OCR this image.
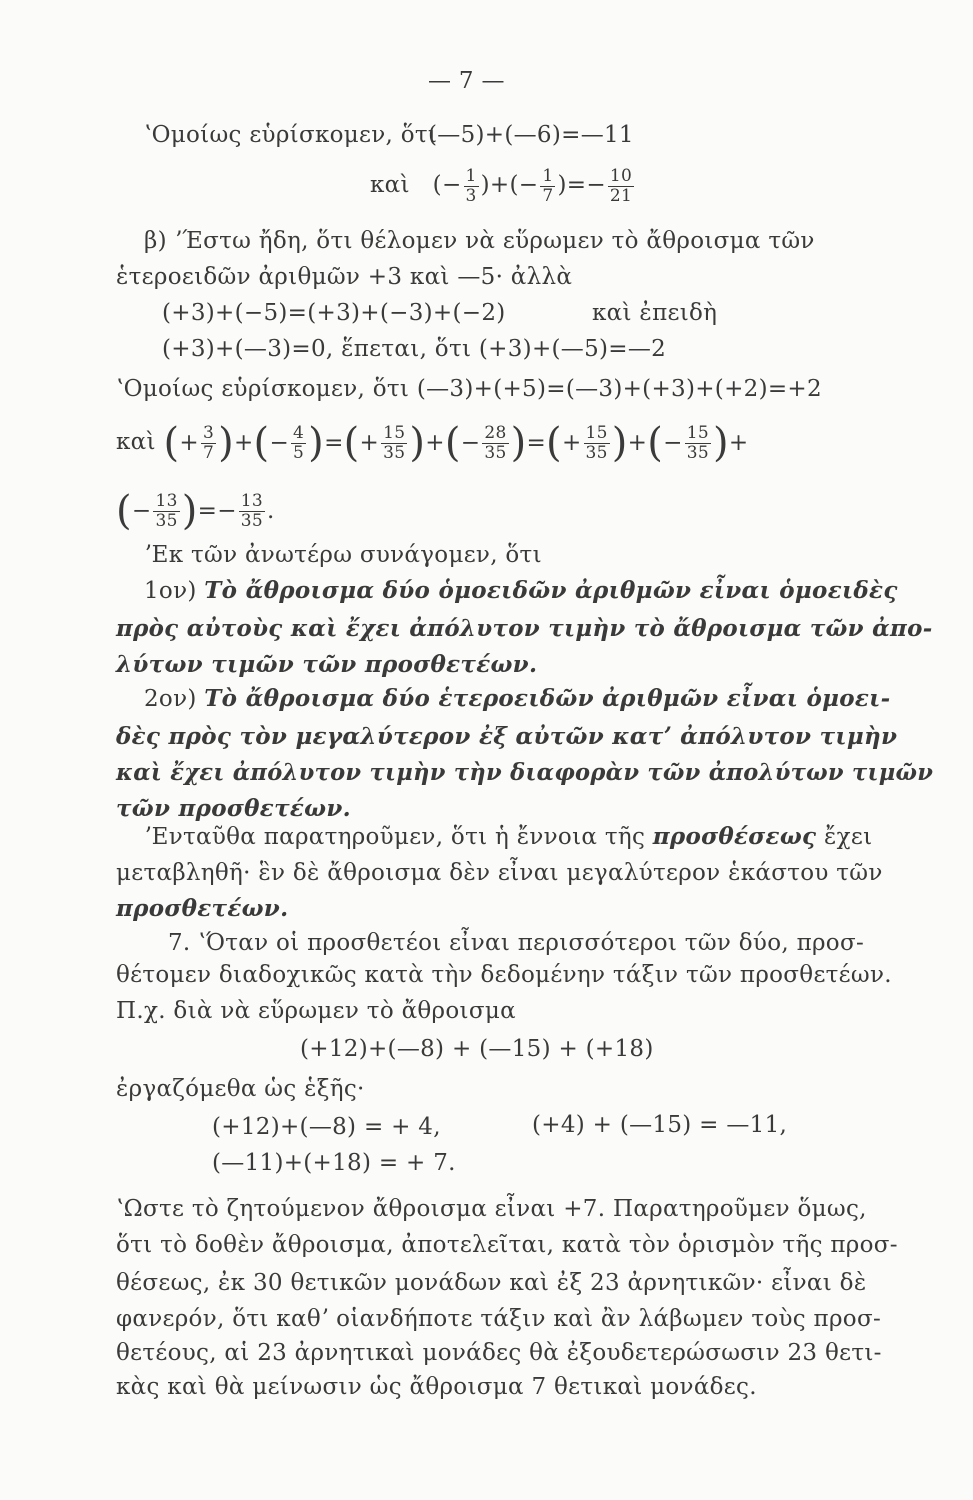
— 7 —
ʽΟμοίως εὑρίσκομεν, ὅτι
(—5)+(—6)=—11
καὶ (− $\frac{1}{3}$ )+(− $\frac{1}{7}$ )=− $\frac{10}{21}$
β) ʼΈστω ἤδη, ὅτι θέλομεν νὰ εὕρωμεν τὸ ἄθροισμα τῶν
ἑτεροειδῶν ἀριθμῶν +3 καὶ —5· ἀλλὰ
(+3)+(−5)=(+3)+(−3)+(−2)	καὶ ἐπειδὴ
(+3)+(—3)=0, ἕπεται, ὅτι (+3)+(—5)=—2
ʽΟμοίως εὑρίσκομεν, ὅτι (—3)+(+5)=(—3)+(+3)+(+2)=+2
καὶ (+ $\frac{3}{7}$ )+(− $\frac{4}{5}$ )=(+ $\frac{15}{35}$ )+(− $\frac{28}{35}$ )=(+ $\frac{15}{35}$ )+(− $\frac{15}{35}$ )+
(− $\frac{13}{35}$ )=− $\frac{13}{35}$ .
ʼΕκ τῶν ἀνωτέρω συνάγομεν, ὅτι
1ον) Τὸ ἄθροισμα δύο ὁμοειδῶν ἀριθμῶν εἶναι ὁμοειδὲς
πρὸς αὐτοὺς καὶ ἔχει ἀπόλυτον τιμὴν τὸ ἄθροισμα τῶν ἀπο-
λύτων τιμῶν τῶν προσθετέων.
2ον) Τὸ ἄθροισμα δύο ἑτεροειδῶν ἀριθμῶν εἶναι ὁμοει-
δὲς πρὸς τὸν μεγαλύτερον ἐξ αὐτῶν κατʼ ἀπόλυτον τιμὴν
καὶ ἔχει ἀπόλυτον τιμὴν τὴν διαφορὰν τῶν ἀπολύτων τιμῶν
τῶν προσθετέων.
ʼΕνταῦθα παρατηροῦμεν, ὅτι ἡ ἔννοια τῆς προσθέσεως ἔχει
μεταβληθῆ· ἓν δὲ ἄθροισμα δὲν εἶναι μεγαλύτερον ἑκάστου τῶν
προσθετέων.
7. ʽΌταν οἱ προσθετέοι εἶναι περισσότεροι τῶν δύο, προσ-
θέτομεν διαδοχικῶς κατὰ τὴν δεδομένην τάξιν τῶν προσθετέων.
Π.χ. διὰ νὰ εὕρωμεν τὸ ἄθροισμα
(+12)+(—8) + (—15) + (+18)
ἐργαζόμεθα ὡς ἑξῆς·
(+12)+(—8) = + 4,	(+4) + (—15) = —11,
(—11)+(+18) = + 7.
ʽΩστε τὸ ζητούμενον ἄθροισμα εἶναι +7. Παρατηροῦμεν ὅμως,
ὅτι τὸ δοθὲν ἄθροισμα, ἀποτελεῖται, κατὰ τὸν ὁρισμὸν τῆς προσ-
θέσεως, ἐκ 30 θετικῶν μονάδων καὶ ἐξ 23 ἀρνητικῶν· εἶναι δὲ
φανερόν, ὅτι καθʼ οἱανδήποτε τάξιν καὶ ἂν λάβωμεν τοὺς προσ-
θετέους, αἱ 23 ἀρνητικαὶ μονάδες θὰ ἐξουδετερώσωσιν 23 θετι-
κὰς καὶ θὰ μείνωσιν ὡς ἄθροισμα 7 θετικαὶ μονάδες.
